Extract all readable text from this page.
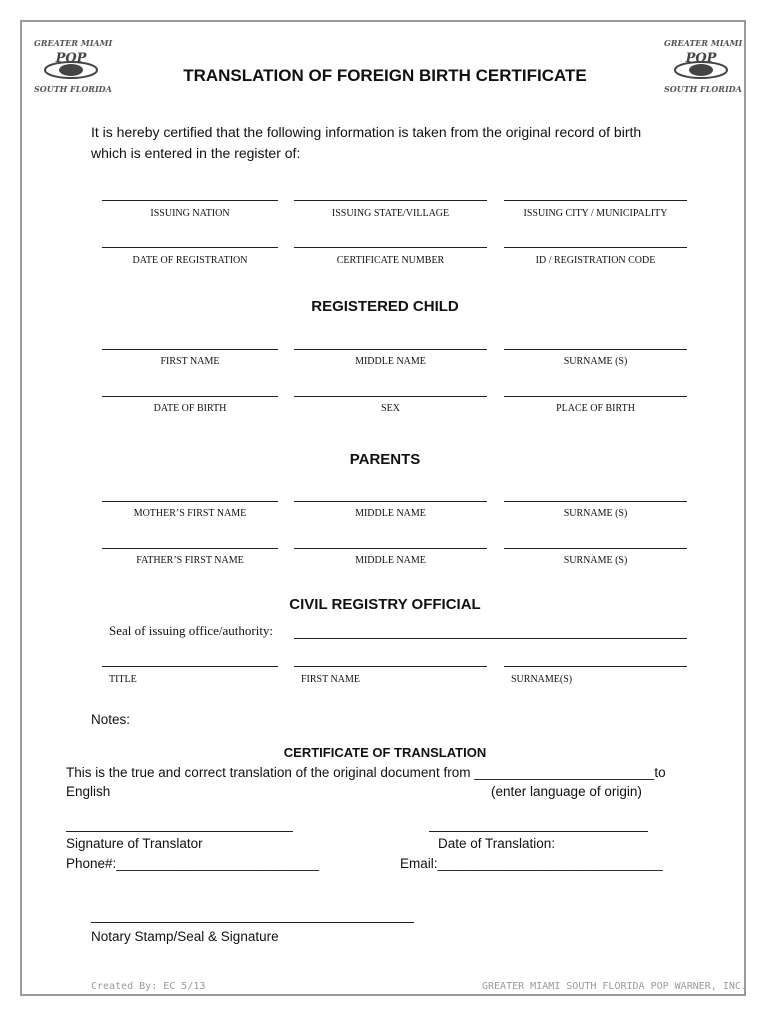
GREATER MIAMI
POP
SOUTH FLORIDA
GREATER MIAMI
POP
SOUTH FLORIDA
TRANSLATION OF FOREIGN BIRTH CERTIFICATE
It is hereby certified that the following information is taken from the original record of birth
which is entered in the register of:
ISSUING NATION	ISSUING STATE/VILLAGE	ISSUING CITY / MUNICIPALITY
DATE OF REGISTRATION	CERTIFICATE NUMBER	ID / REGISTRATION CODE
REGISTERED CHILD
FIRST NAME	MIDDLE NAME	SURNAME (S)
DATE OF BIRTH	SEX	PLACE OF BIRTH
PARENTS
MOTHER’S FIRST NAME	MIDDLE NAME	SURNAME (S)
FATHER’S FIRST NAME	MIDDLE NAME	SURNAME (S)
CIVIL REGISTRY OFFICIAL
Seal of issuing office/authority:
TITLE	FIRST NAME	SURNAME(S)
Notes:
CERTIFICATE OF TRANSLATION
This is the true and correct translation of the original document from ________________________to
English	(enter language of origin)
Signature of Translator	Date of Translation:
Phone#:___________________________	Email:______________________________
Notary Stamp/Seal & Signature
Created By: EC 5/13	GREATER MIAMI SOUTH FLORIDA POP WARNER, INC.
